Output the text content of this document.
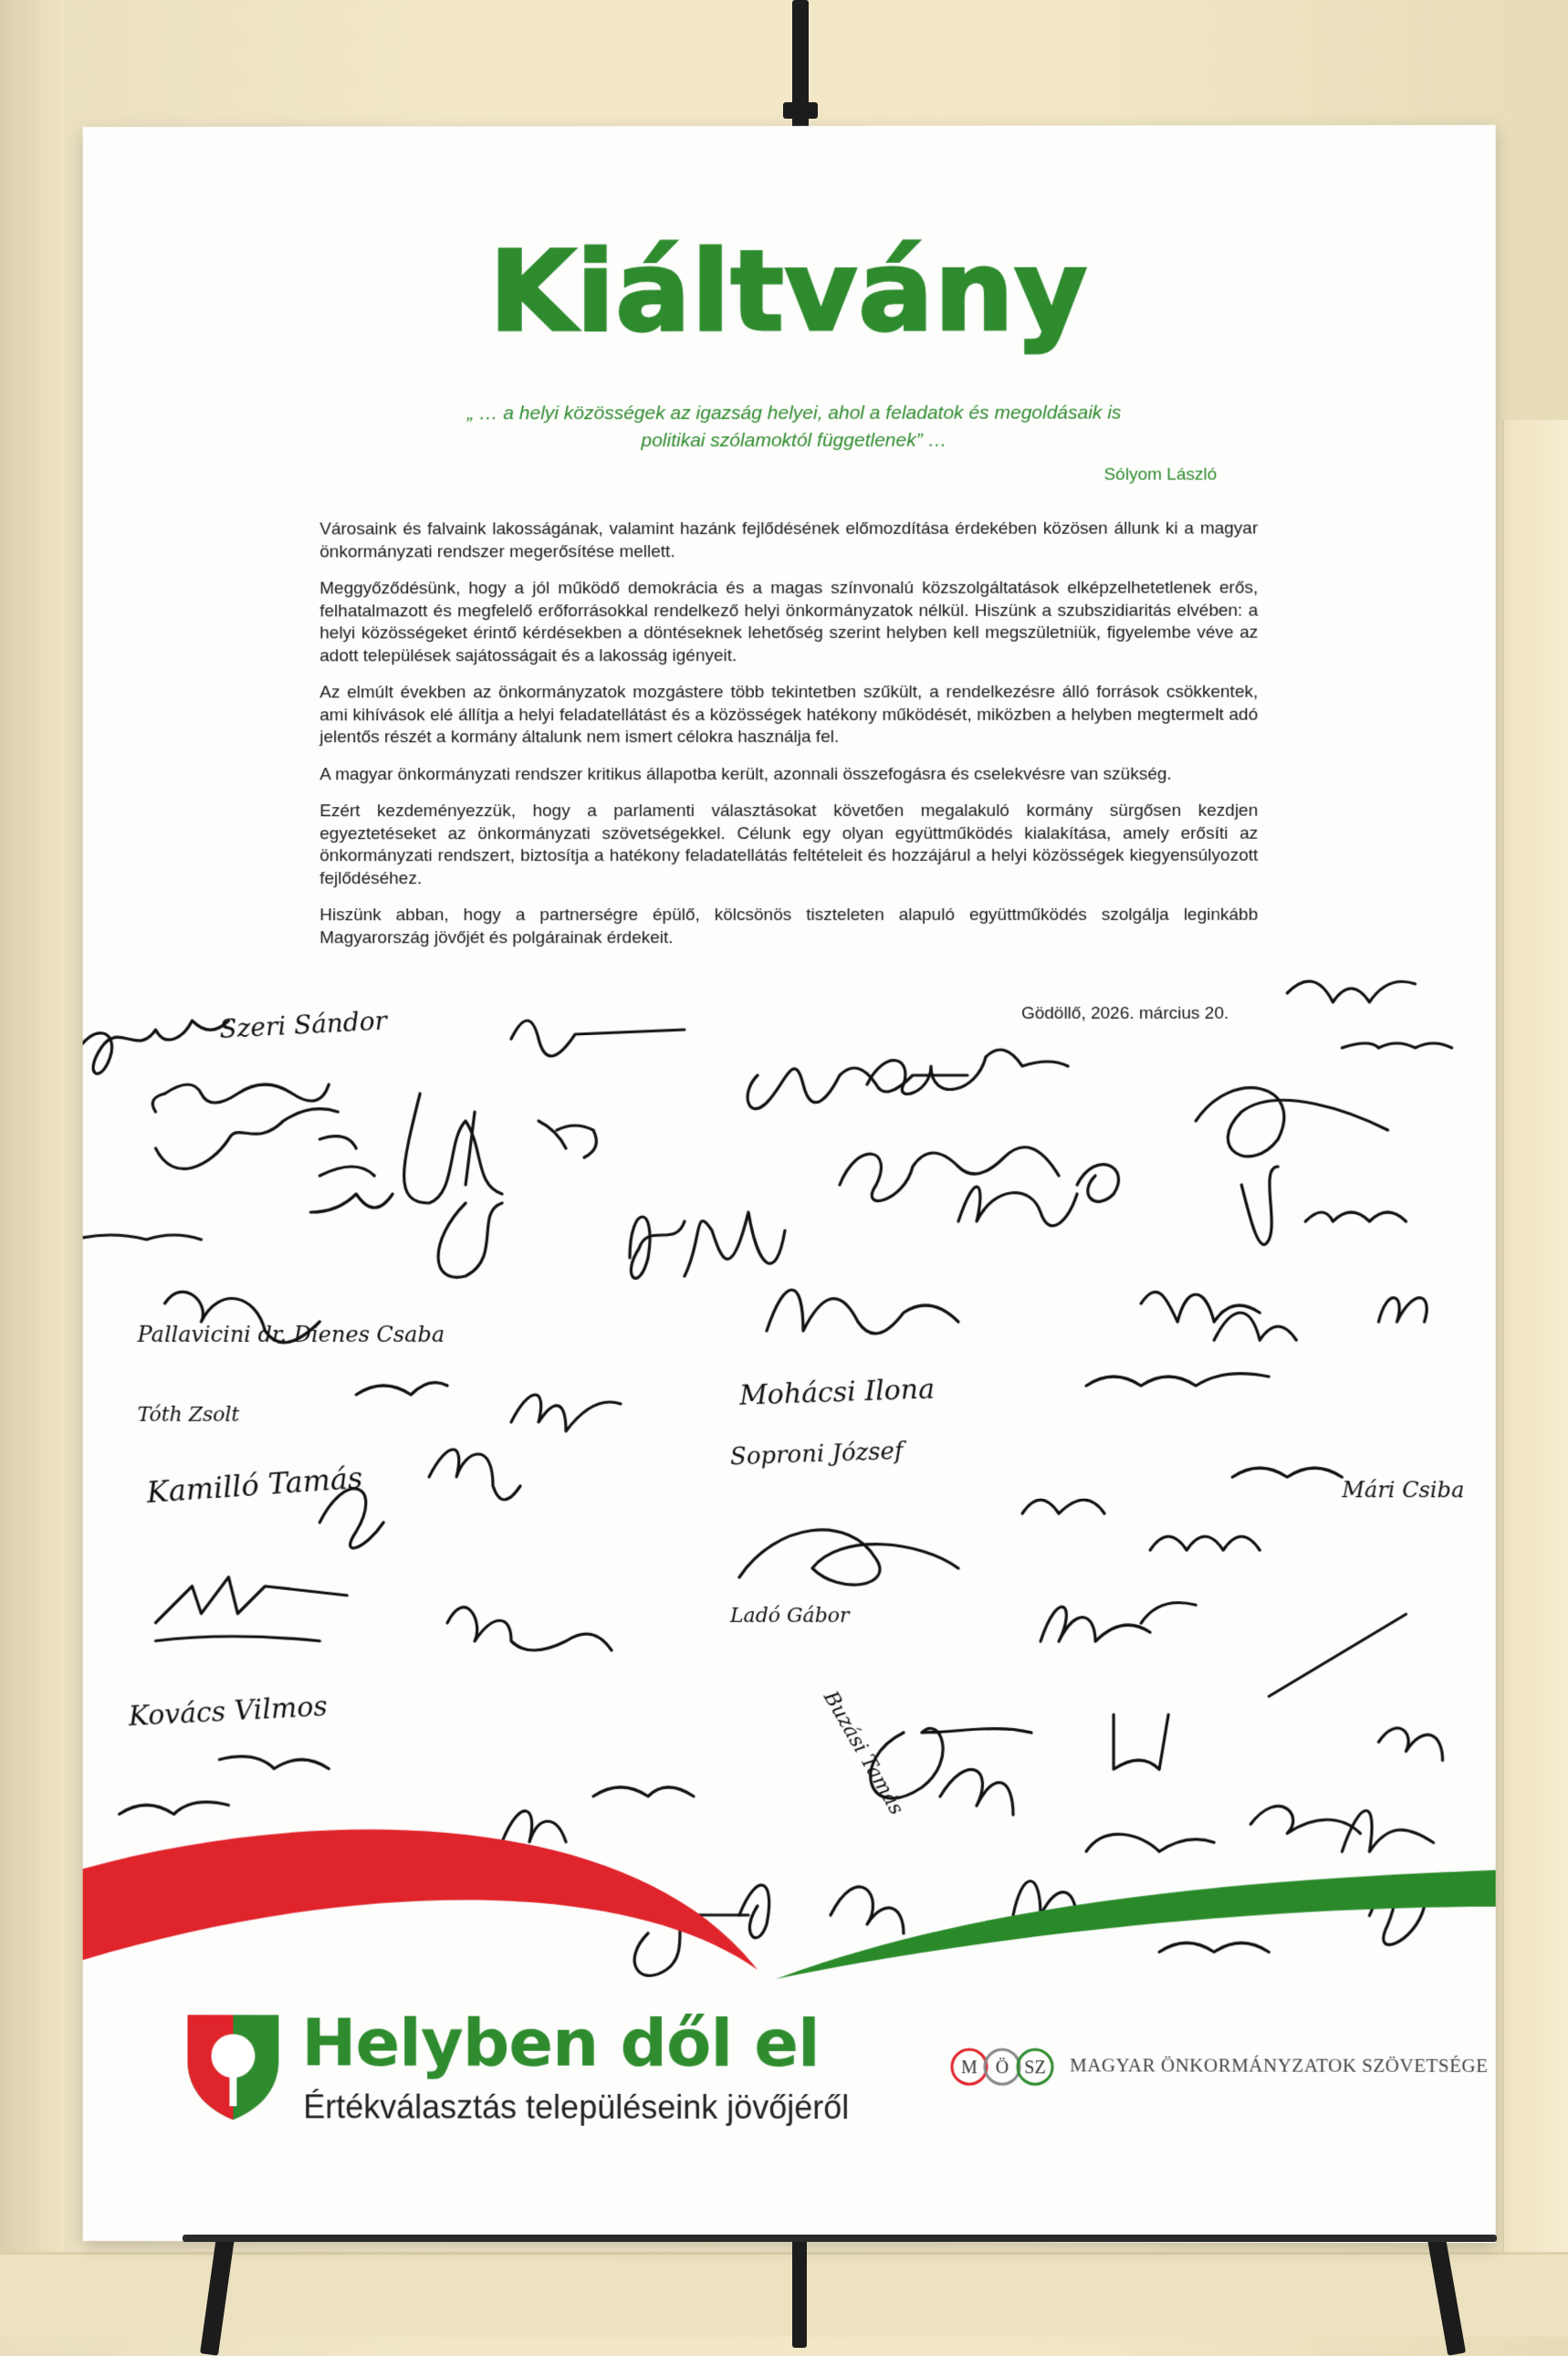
Kiáltvány
„ … a helyi közösségek az igazság helyei, ahol a feladatok és megoldásaik is
politikai szólamoktól függetlenek” …
Sólyom László

Városaink és falvaink lakosságának, valamint hazánk fejlődésének előmozdítása érdekében közösen állunk ki a magyar önkormányzati rendszer megerősítése mellett.

Meggyőződésünk, hogy a jól működő demokrácia és a magas színvonalú közszolgáltatások elképzelhetetlenek erős, felhatalmazott és megfelelő erőforrásokkal rendelkező helyi önkormányzatok nélkül. Hiszünk a szubszidiaritás elvében: a helyi közösségeket érintő kérdésekben a döntéseknek lehetőség szerint helyben kell megszületniük, figyelembe véve az adott települések sajátosságait és a lakosság igényeit.

Az elmúlt években az önkormányzatok mozgástere több tekintetben szűkült, a rendelkezésre álló források csökkentek, ami kihívások elé állítja a helyi feladatellátást és a közösségek hatékony működését, miközben a helyben megtermelt adó jelentős részét a kormány általunk nem ismert célokra használja fel.

A magyar önkormányzati rendszer kritikus állapotba került, azonnali összefogásra és cselekvésre van szükség.

Ezért kezdeményezzük, hogy a parlamenti választásokat követően megalakuló kormány sürgősen kezdjen egyeztetéseket az önkormányzati szövetségekkel. Célunk egy olyan együttműködés kialakítása, amely erősíti az önkormányzati rendszert, biztosítja a hatékony feladatellátás feltételeit és hozzájárul a helyi közösségek kiegyensúlyozott fejlődéséhez.

Hiszünk abban, hogy a partnerségre épülő, kölcsönös tiszteleten alapuló együttműködés szolgálja leginkább Magyarország jövőjét és polgárainak érdekeit.

Gödöllő, 2026. március 20.
Szeri Sándor
Kamilló Tamás
Kovács Vilmos
Mohácsi Ilona
Soproni József
Pallavicini dr. Dienes Csaba
Ladó Gábor
Mári Csiba
Tóth Zsolt
Buzási Tamás
Helyben dől el
Értékválasztás településeink jövőjéről
M Ö SZ MAGYAR ÖNKORMÁNYZATOK SZÖVETSÉGE
